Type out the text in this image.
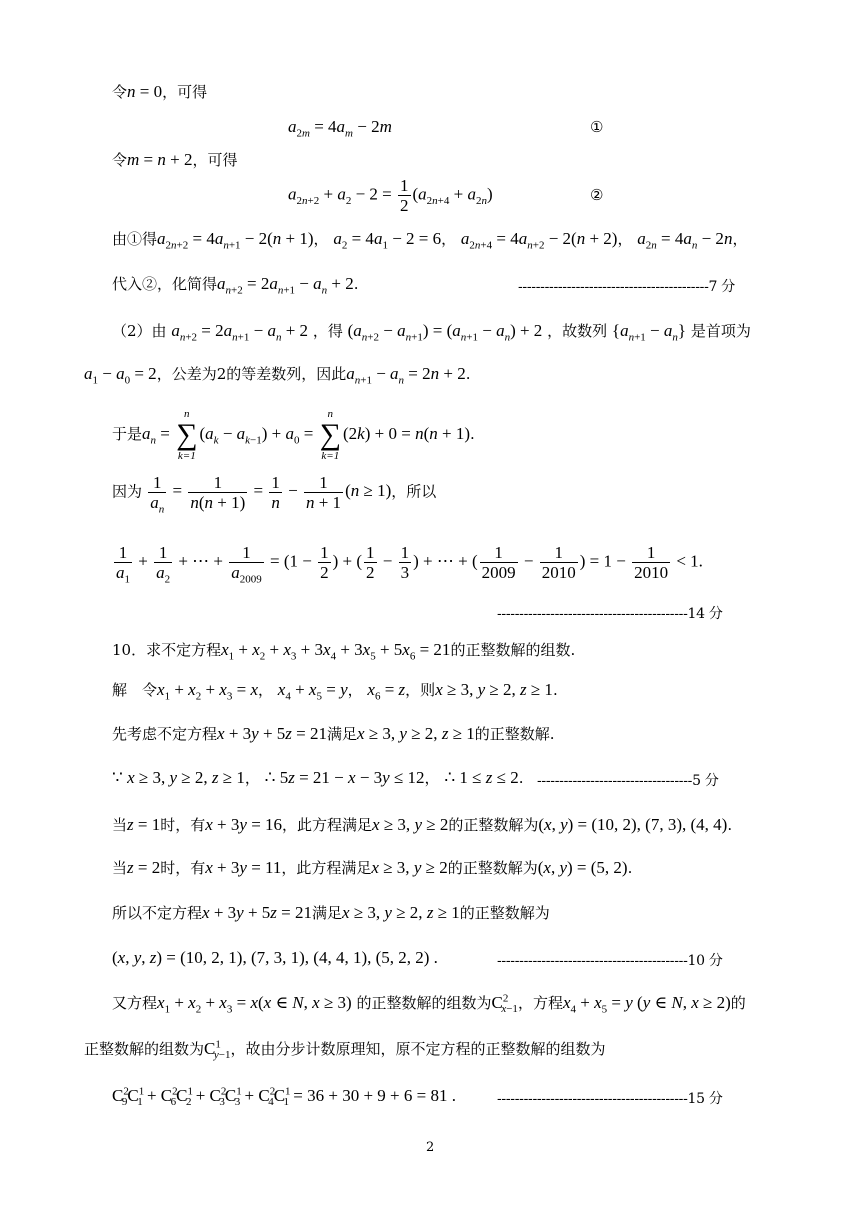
令n = 0，可得
$a_{2m} = 4a_m - 2m$	①
令m = n + 2，可得
$a_{2n+2} + a_2 - 2 = \frac{1}{2} (a_{2n+4} + a_{2n})$	②
由①得$a_{2n+2} = 4a_{n+1} - 2(n + 1)$， $a_2 = 4a_1 - 2 = 6$， $a_{2n+4} = 4a_{n+2} - 2(n + 2)$， $a_{2n} = 4a_n - 2n$，
代入②，化简得$a_{n+2} = 2a_{n+1} - a_n + 2$.	-------------------------------------------7 分
（2）由 $a_{n+2} = 2a_{n+1} - a_n + 2$ ，得 $(a_{n+2} - a_{n+1}) = (a_{n+1} - a_n) + 2$ ，故数列 $\{a_{n+1} - a_n\}$ 是首项为
$a_1 - a_0 = 2$，公差为2的等差数列，因此$a_{n+1} - a_n = 2n + 2$.
于是$a_n$ =
n
∑
k=1
$(a_k - a_{k-1}) + a_0$ =
n
∑
k=1
(2k) + 0 = n(n + 1).
因为 $\frac{1}{a_n} = \frac{1}{n(n + 1)} = \frac{1}{n} - \frac{1}{n + 1} (n \ge 1)$，所以
$\frac{1}{a_1} + \frac{1}{a_2}$ + ⋯ + $\frac{1}{a_{2009}} = (1 - \frac{1}{2}$ ) + ( $\frac{1}{2} - \frac{1}{3}$ ) + ⋯ + ( $\frac{1}{2009} - \frac{1}{2010}$ ) = $1 - \frac{1}{2010} < 1$.
-------------------------------------------14 分
10．求不定方程$x_1 + x_2 + x_3 + 3x_4 + 3x_5 + 5x_6 = 21$的正整数解的组数.
解　令$x_1 + x_2 + x_3 = x$， $x_4 + x_5 = y$， $x_6 = z$，则x ≥ 3, y ≥ 2, z ≥ 1.
先考虑不定方程x + 3y + 5z = 21满足x ≥ 3, y ≥ 2, z ≥ 1的正整数解.
∵ x ≥ 3, y ≥ 2, z ≥ 1， ∴ 5z = 21 − x − 3y ≤ 12， ∴ 1 ≤ z ≤ 2. -----------------------------------5 分
当z = 1时，有x + 3y = 16，此方程满足x ≥ 3, y ≥ 2的正整数解为(x, y) = (10, 2), (7, 3), (4, 4).
当z = 2时，有x + 3y = 11，此方程满足x ≥ 3, y ≥ 2的正整数解为(x, y) = (5, 2).
所以不定方程x + 3y + 5z = 21满足x ≥ 3, y ≥ 2, z ≥ 1的正整数解为
(x, y, z) = (10, 2, 1), (7, 3, 1), (4, 4, 1), (5, 2, 2) .	-------------------------------------------10 分
又方程$x_1 + x_2 + x_3 = x(x$ ∈ N, x ≥ 3) 的正整数解的组数为$C^2_{x-1}$，方程$x_4 + x_5 = y$ (y ∈ N, x ≥ 2)的
正整数解的组数为$C^1_{y-1}$，故由分步计数原理知，原不定方程的正整数解的组数为
$C^2_9C^1_1 + C^2_6C^1_2 + C^2_3C^1_3 + C^2_4C^1_1 = 36 + 30 + 9 + 6 = 81$ .	-------------------------------------------15 分
2
